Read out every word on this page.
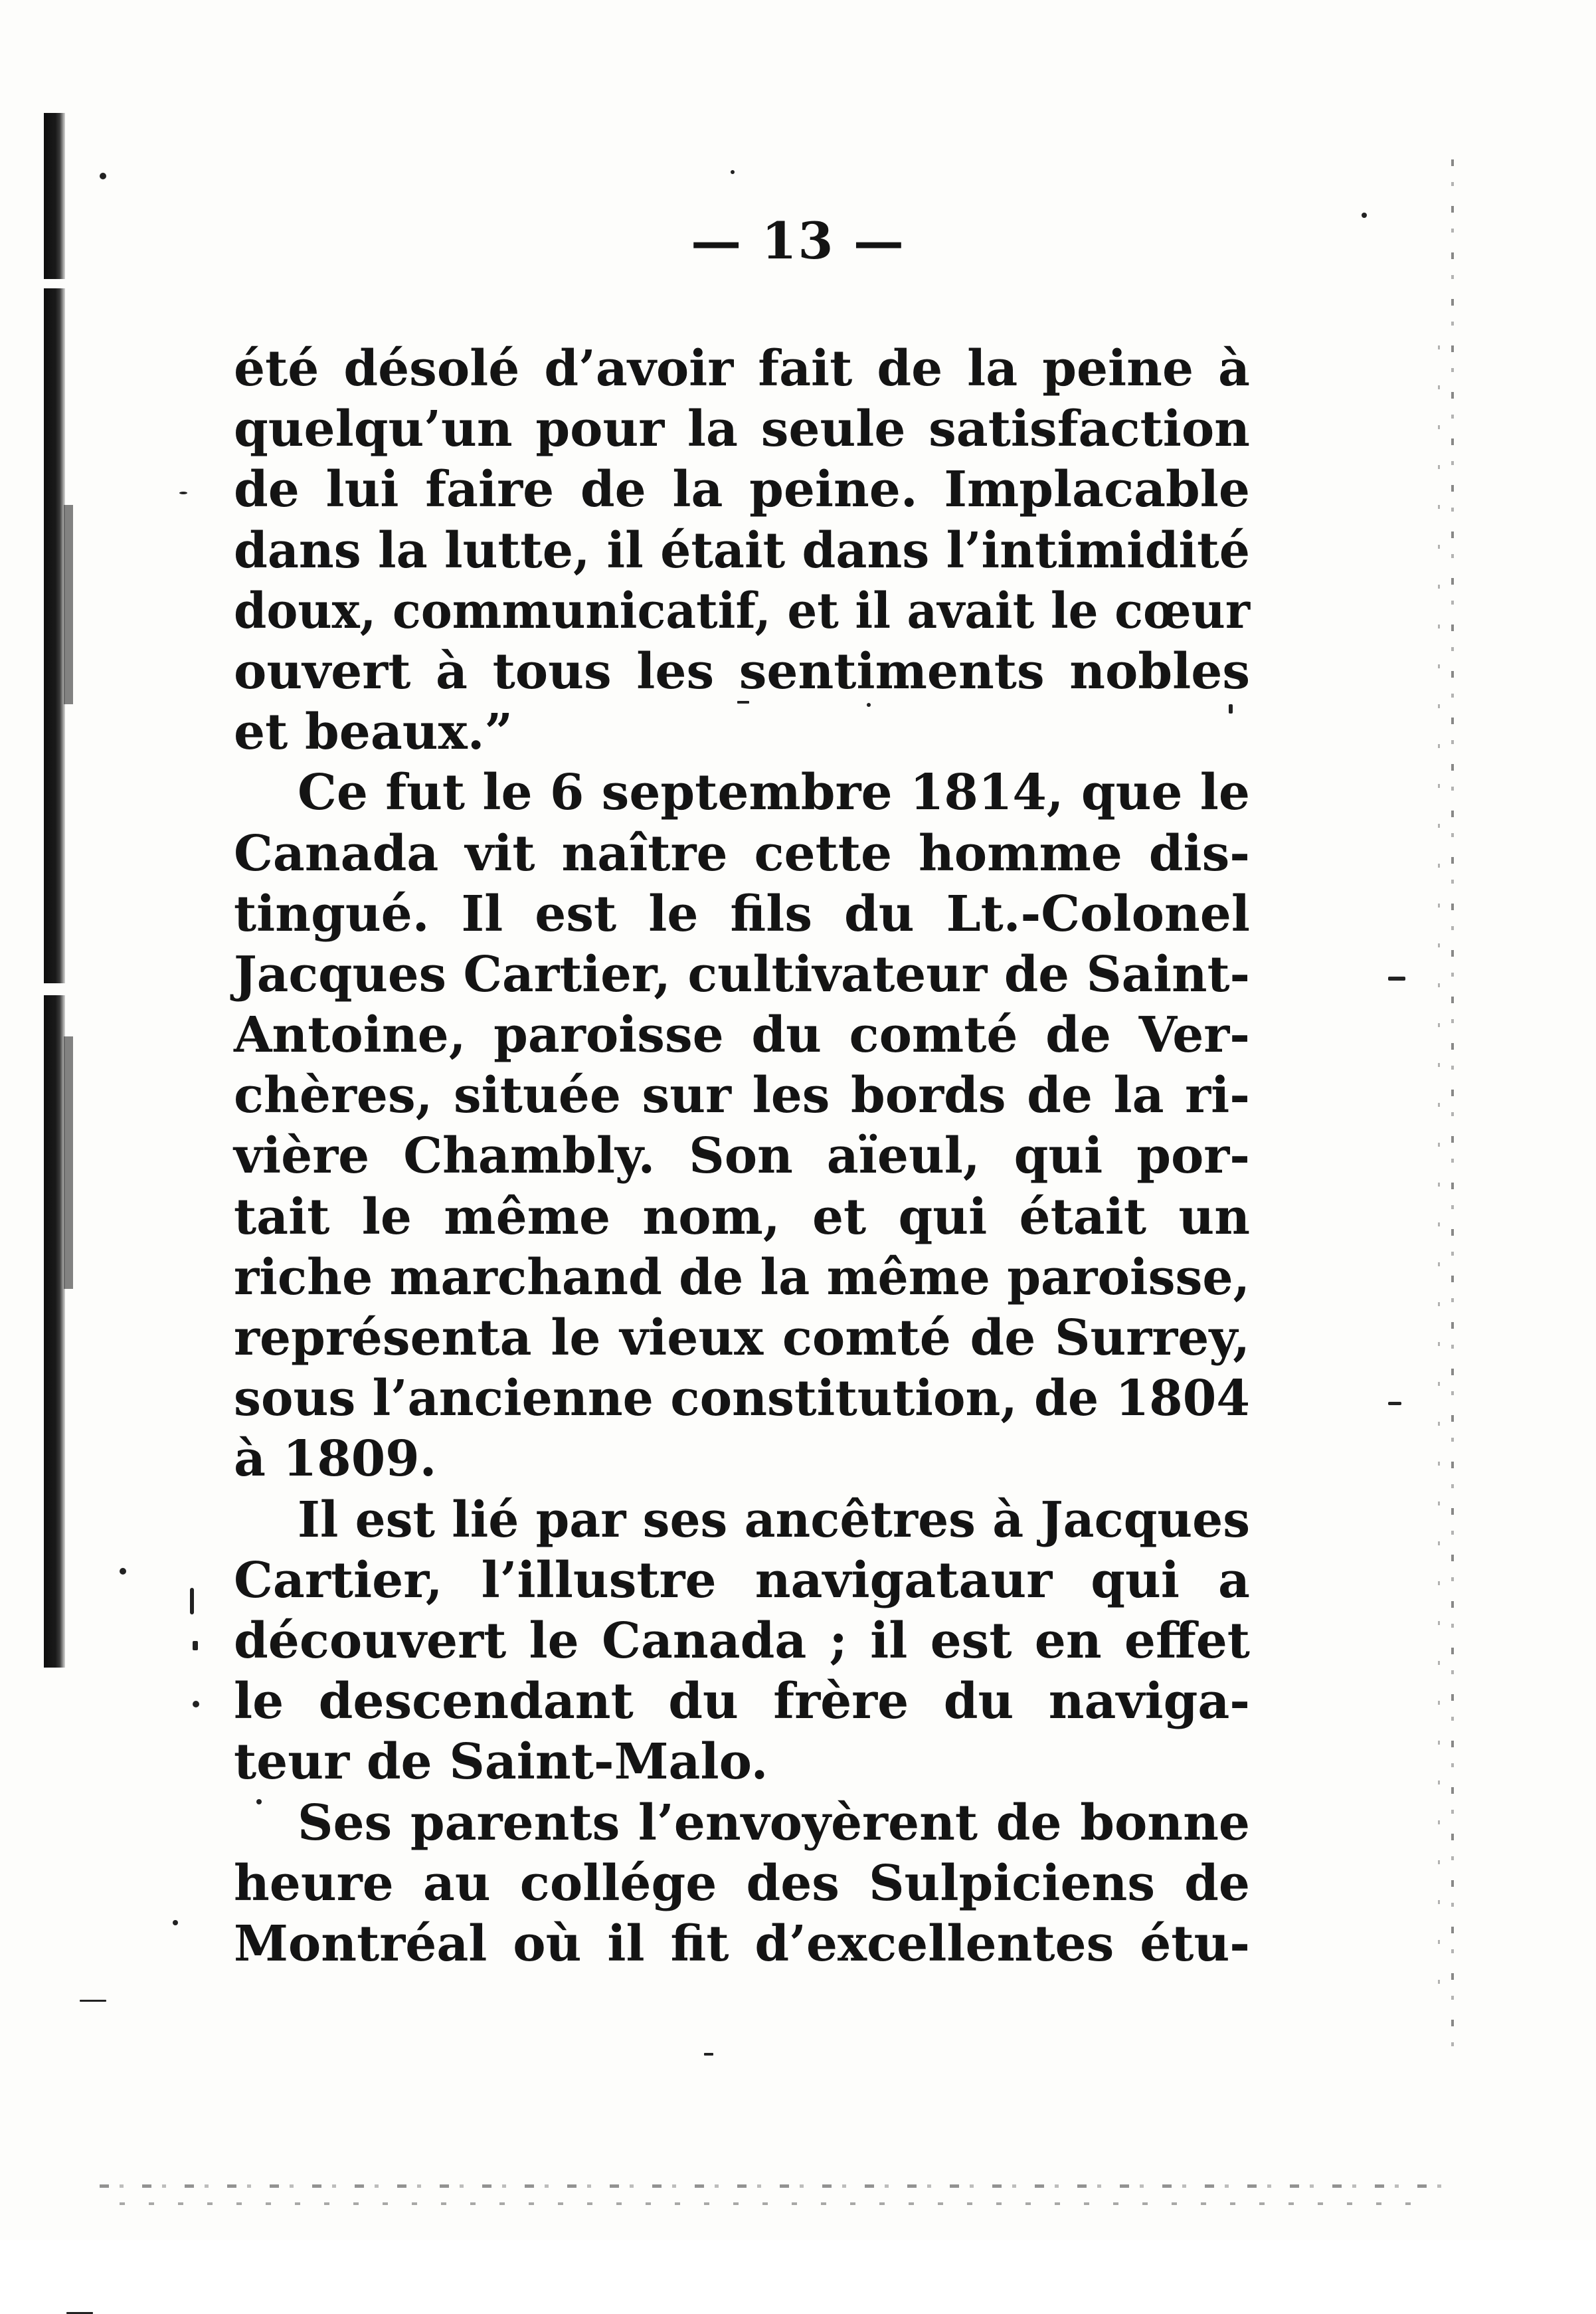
— 13 —
été désolé d’avoir fait de la peine à
quelqu’un pour la seule satisfaction
de lui faire de la peine. Implacable
dans la lutte, il était dans l’intimidité
doux, communicatif, et il avait le cœur
ouvert à tous les sentiments nobles
et beaux.”
Ce fut le 6 septembre 1814, que le
Canada vit naître cette homme dis-
tingué. Il est le fils du Lt.-Colonel
Jacques Cartier, cultivateur de Saint-
Antoine, paroisse du comté de Ver-
chères, située sur les bords de la ri-
vière Chambly. Son aïeul, qui por-
tait le même nom, et qui était un
riche marchand de la même paroisse,
représenta le vieux comté de Surrey,
sous l’ancienne constitution, de 1804
à 1809.
Il est lié par ses ancêtres à Jacques
Cartier, l’illustre navigataur qui a
découvert le Canada ; il est en effet
le descendant du frère du naviga-
teur de Saint-Malo.
Ses parents l’envoyèrent de bonne
heure au collége des Sulpiciens de
Montréal où il fit d’excellentes étu-
